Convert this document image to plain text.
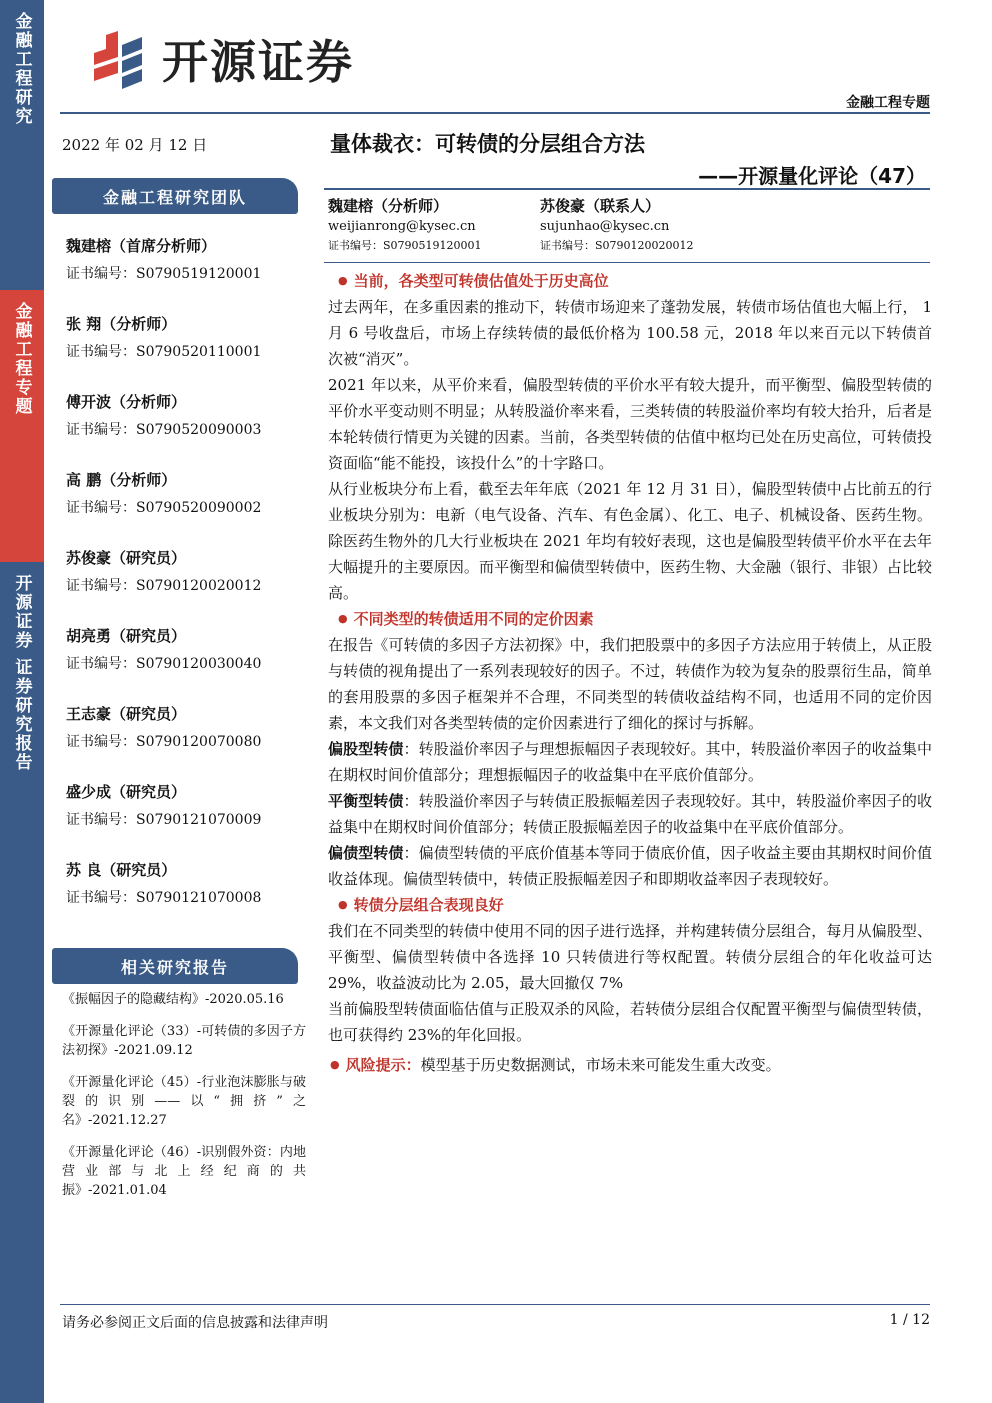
金融工程研究
金融工程专题
开源证券 证券研究报告
开源证券
金融工程专题
2022 年 02 月 12 日
金融工程研究团队
魏建榕（首席分析师）
证书编号：S0790519120001
张 翔（分析师）
证书编号：S0790520110001
傅开波（分析师）
证书编号：S0790520090003
高 鹏（分析师）
证书编号：S0790520090002
苏俊豪（研究员）
证书编号：S0790120020012
胡亮勇（研究员）
证书编号：S0790120030040
王志豪（研究员）
证书编号：S0790120070080
盛少成（研究员）
证书编号：S0790121070009
苏 良（研究员）
证书编号：S0790121070008
相关研究报告
《振幅因子的隐藏结构》-2020.05.16
《开源量化评论（33）-可转债的多因子方法初探》-2021.09.12
《开源量化评论（45）-行业泡沫膨胀与破裂的识别——以“拥挤”之名》-2021.12.27
《开源量化评论（46）-识别假外资：内地营业部与北上经纪商的共振》-2021.01.04
量体裁衣：可转债的分层组合方法
——开源量化评论（47）
魏建榕（分析师）
weijianrong@kysec.cn
证书编号：S0790519120001
苏俊豪（联系人）
sujunhao@kysec.cn
证书编号：S0790120020012
● 当前，各类型可转债估值处于历史高位

过去两年，在多重因素的推动下，转债市场迎来了蓬勃发展，转债市场估值也大幅上行， 1 月 6 号收盘后，市场上存续转债的最低价格为 100.58 元，2018 年以来百元以下转债首次被“消灭”。

2021 年以来，从平价来看，偏股型转债的平价水平有较大提升，而平衡型、偏股型转债的平价水平变动则不明显；从转股溢价率来看，三类转债的转股溢价率均有较大抬升，后者是本轮转债行情更为关键的因素。当前，各类型转债的估值中枢均已处在历史高位，可转债投资面临“能不能投，该投什么”的十字路口。

从行业板块分布上看，截至去年年底（2021 年 12 月 31 日），偏股型转债中占比前五的行业板块分别为：电新（电气设备、汽车、有色金属）、化工、电子、机械设备、医药生物。除医药生物外的几大行业板块在 2021 年均有较好表现，这也是偏股型转债平价水平在去年大幅提升的主要原因。而平衡型和偏债型转债中，医药生物、大金融（银行、非银）占比较高。

● 不同类型的转债适用不同的定价因素

在报告《可转债的多因子方法初探》中，我们把股票中的多因子方法应用于转债上，从正股与转债的视角提出了一系列表现较好的因子。不过，转债作为较为复杂的股票衍生品，简单的套用股票的多因子框架并不合理，不同类型的转债收益结构不同，也适用不同的定价因素，本文我们对各类型转债的定价因素进行了细化的探讨与拆解。

偏股型转债：转股溢价率因子与理想振幅因子表现较好。其中，转股溢价率因子的收益集中在期权时间价值部分；理想振幅因子的收益集中在平底价值部分。

平衡型转债：转股溢价率因子与转债正股振幅差因子表现较好。其中，转股溢价率因子的收益集中在期权时间价值部分；转债正股振幅差因子的收益集中在平底价值部分。

偏债型转债：偏债型转债的平底价值基本等同于债底价值，因子收益主要由其期权时间价值收益体现。偏债型转债中，转债正股振幅差因子和即期收益率因子表现较好。

● 转债分层组合表现良好

我们在不同类型的转债中使用不同的因子进行选择，并构建转债分层组合，每月从偏股型、平衡型、偏债型转债中各选择 10 只转债进行等权配置。转债分层组合的年化收益可达 29%，收益波动比为 2.05，最大回撤仅 7%

当前偏股型转债面临估值与正股双杀的风险，若转债分层组合仅配置平衡型与偏债型转债，也可获得约 23%的年化回报。

● 风险提示：模型基于历史数据测试，市场未来可能发生重大改变。

请务必参阅正文后面的信息披露和法律声明	1 / 12
